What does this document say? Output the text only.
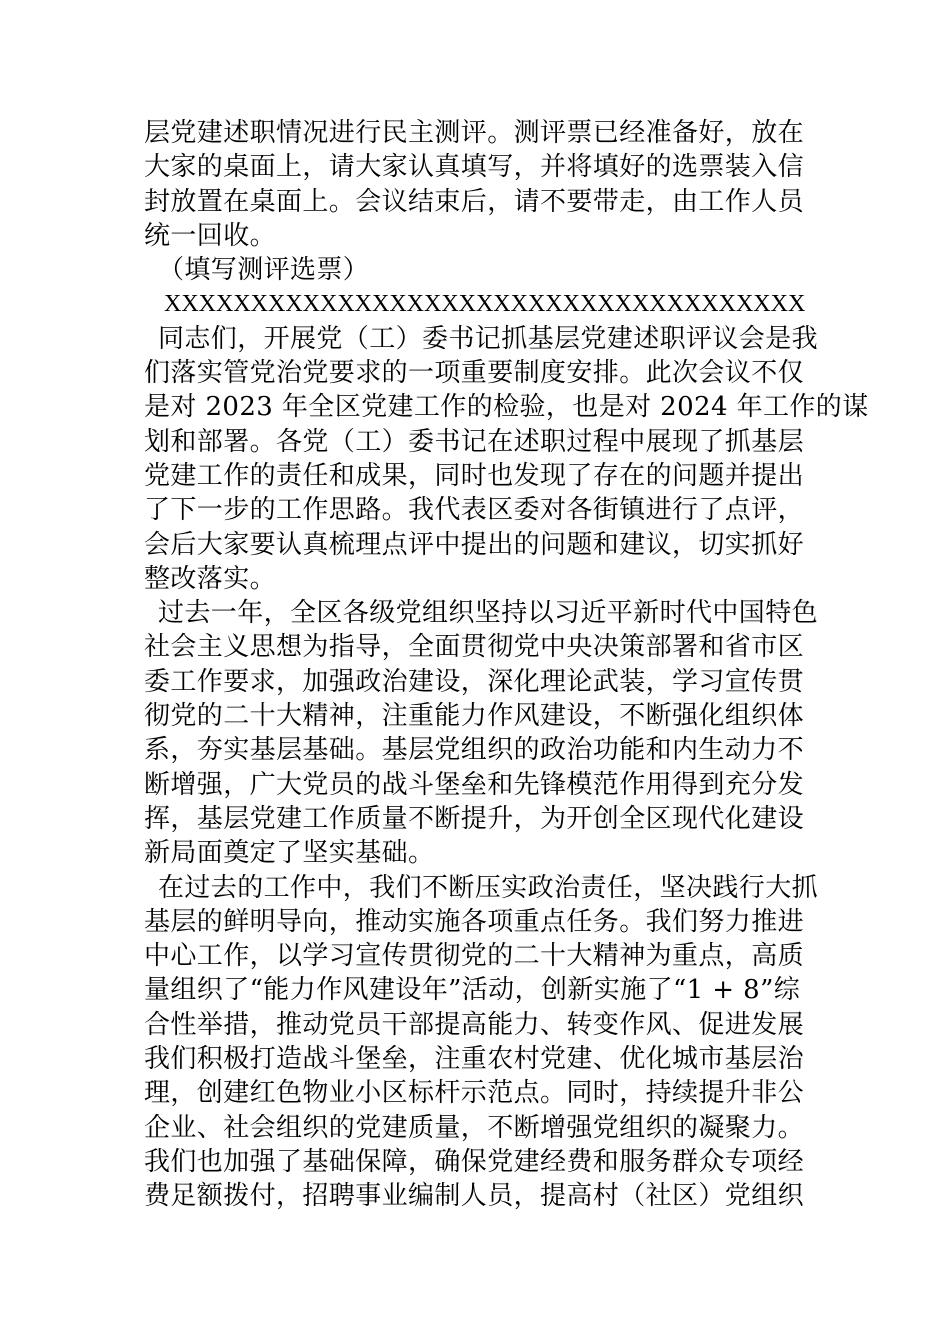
层党建述职情况进行民主测评。测评票已经准备好，放在
大家的桌面上，请大家认真填写，并将填好的选票装入信
封放置在桌面上。会议结束后，请不要带走，由工作人员
统一回收。
（填写测评选票）
XXXXXXXXXXXXXXXXXXXXXXXXXXXXXXXXXXXXX
同志们，开展党（工）委书记抓基层党建述职评议会是我
们落实管党治党要求的一项重要制度安排。此次会议不仅
是对 2023 年全区党建工作的检验，也是对 2024 年工作的谋
划和部署。各党（工）委书记在述职过程中展现了抓基层
党建工作的责任和成果，同时也发现了存在的问题并提出
了下一步的工作思路。我代表区委对各街镇进行了点评，
会后大家要认真梳理点评中提出的问题和建议，切实抓好
整改落实。
过去一年，全区各级党组织坚持以习近平新时代中国特色
社会主义思想为指导，全面贯彻党中央决策部署和省市区
委工作要求，加强政治建设，深化理论武装，学习宣传贯
彻党的二十大精神，注重能力作风建设，不断强化组织体
系，夯实基层基础。基层党组织的政治功能和内生动力不
断增强，广大党员的战斗堡垒和先锋模范作用得到充分发
挥，基层党建工作质量不断提升，为开创全区现代化建设
新局面奠定了坚实基础。
在过去的工作中，我们不断压实政治责任，坚决践行大抓
基层的鲜明导向，推动实施各项重点任务。我们努力推进
中心工作，以学习宣传贯彻党的二十大精神为重点，高质
量组织了“能力作风建设年”活动，创新实施了“1 + 8”综
合性举措，推动党员干部提高能力、转变作风、促进发展
我们积极打造战斗堡垒，注重农村党建、优化城市基层治
理，创建红色物业小区标杆示范点。同时，持续提升非公
企业、社会组织的党建质量，不断增强党组织的凝聚力。
我们也加强了基础保障，确保党建经费和服务群众专项经
费足额拨付，招聘事业编制人员，提高村（社区）党组织
